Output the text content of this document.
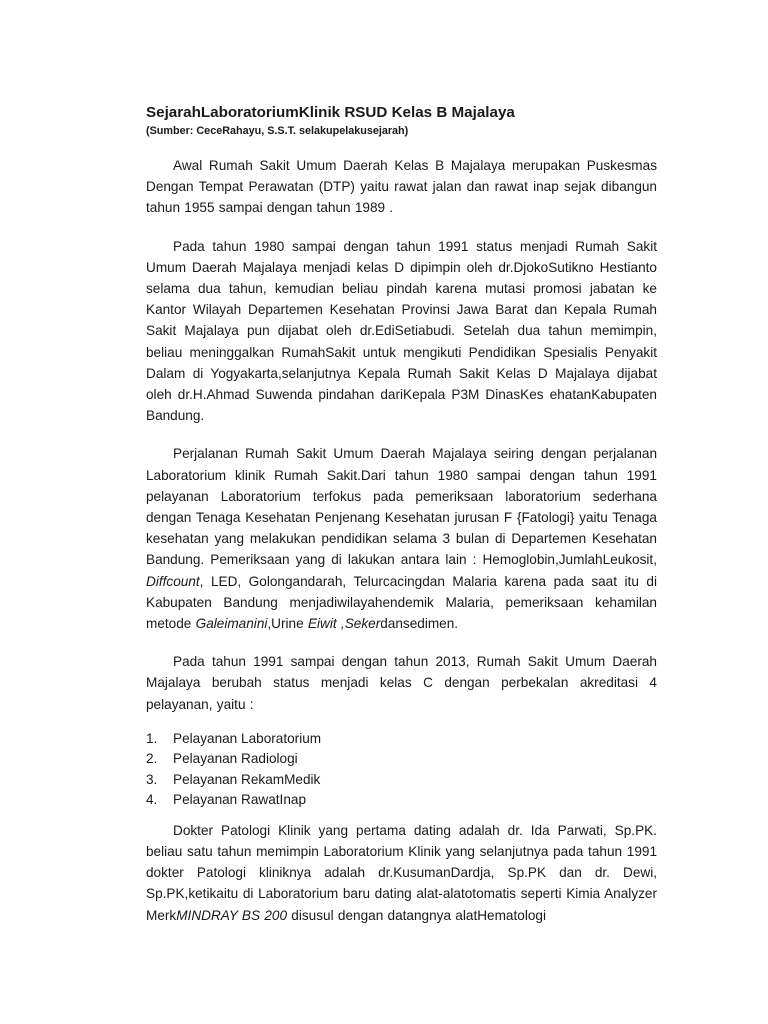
SejarahLaboratoriumKlinik RSUD Kelas B Majalaya

(Sumber: CeceRahayu, S.S.T. selakupelakusejarah)

Awal Rumah Sakit Umum Daerah Kelas B Majalaya merupakan Puskesmas Dengan Tempat Perawatan (DTP) yaitu rawat jalan dan rawat inap sejak dibangun tahun 1955 sampai dengan tahun 1989 .

Pada tahun 1980 sampai dengan tahun 1991 status menjadi Rumah Sakit Umum Daerah Majalaya menjadi kelas D dipimpin oleh dr.DjokoSutikno Hestianto selama dua tahun, kemudian beliau pindah karena mutasi promosi jabatan ke Kantor Wilayah Departemen Kesehatan Provinsi Jawa Barat dan Kepala Rumah Sakit Majalaya pun dijabat oleh dr.EdiSetiabudi. Setelah dua tahun memimpin, beliau meninggalkan RumahSakit untuk mengikuti Pendidikan Spesialis Penyakit Dalam di Yogyakarta,selanjutnya Kepala Rumah Sakit Kelas D Majalaya dijabat oleh dr.H.Ahmad Suwenda pindahan dariKepala P3M DinasKes ehatanKabupaten Bandung.

Perjalanan Rumah Sakit Umum Daerah Majalaya seiring dengan perjalanan Laboratorium klinik Rumah Sakit.Dari tahun 1980 sampai dengan tahun 1991 pelayanan Laboratorium terfokus pada pemeriksaan laboratorium sederhana dengan Tenaga Kesehatan Penjenang Kesehatan jurusan F {Fatologi} yaitu Tenaga kesehatan yang melakukan pendidikan selama 3 bulan di Departemen Kesehatan Bandung. Pemeriksaan yang di lakukan antara lain : Hemoglobin,JumlahLeukosit, Diffcount, LED, Golongandarah, Telurcacingdan Malaria karena pada saat itu di Kabupaten Bandung menjadiwilayahendemik Malaria, pemeriksaan kehamilan metode Galeimanini,Urine Eiwit ,Sekerdansedimen.

Pada tahun 1991 sampai dengan tahun 2013, Rumah Sakit Umum Daerah Majalaya berubah status menjadi kelas C dengan perbekalan akreditasi 4 pelayanan, yaitu :

1.	Pelayanan Laboratorium
2.	Pelayanan Radiologi
3.	Pelayanan RekamMedik
4.	Pelayanan RawatInap

Dokter Patologi Klinik yang pertama dating adalah dr. Ida Parwati, Sp.PK. beliau satu tahun memimpin Laboratorium Klinik yang selanjutnya pada tahun 1991 dokter Patologi kliniknya adalah dr.KusumanDardja, Sp.PK dan dr. Dewi, Sp.PK,ketikaitu di Laboratorium baru dating alat-alatotomatis seperti Kimia Analyzer MerkMINDRAY BS 200 disusul dengan datangnya alatHematologi
